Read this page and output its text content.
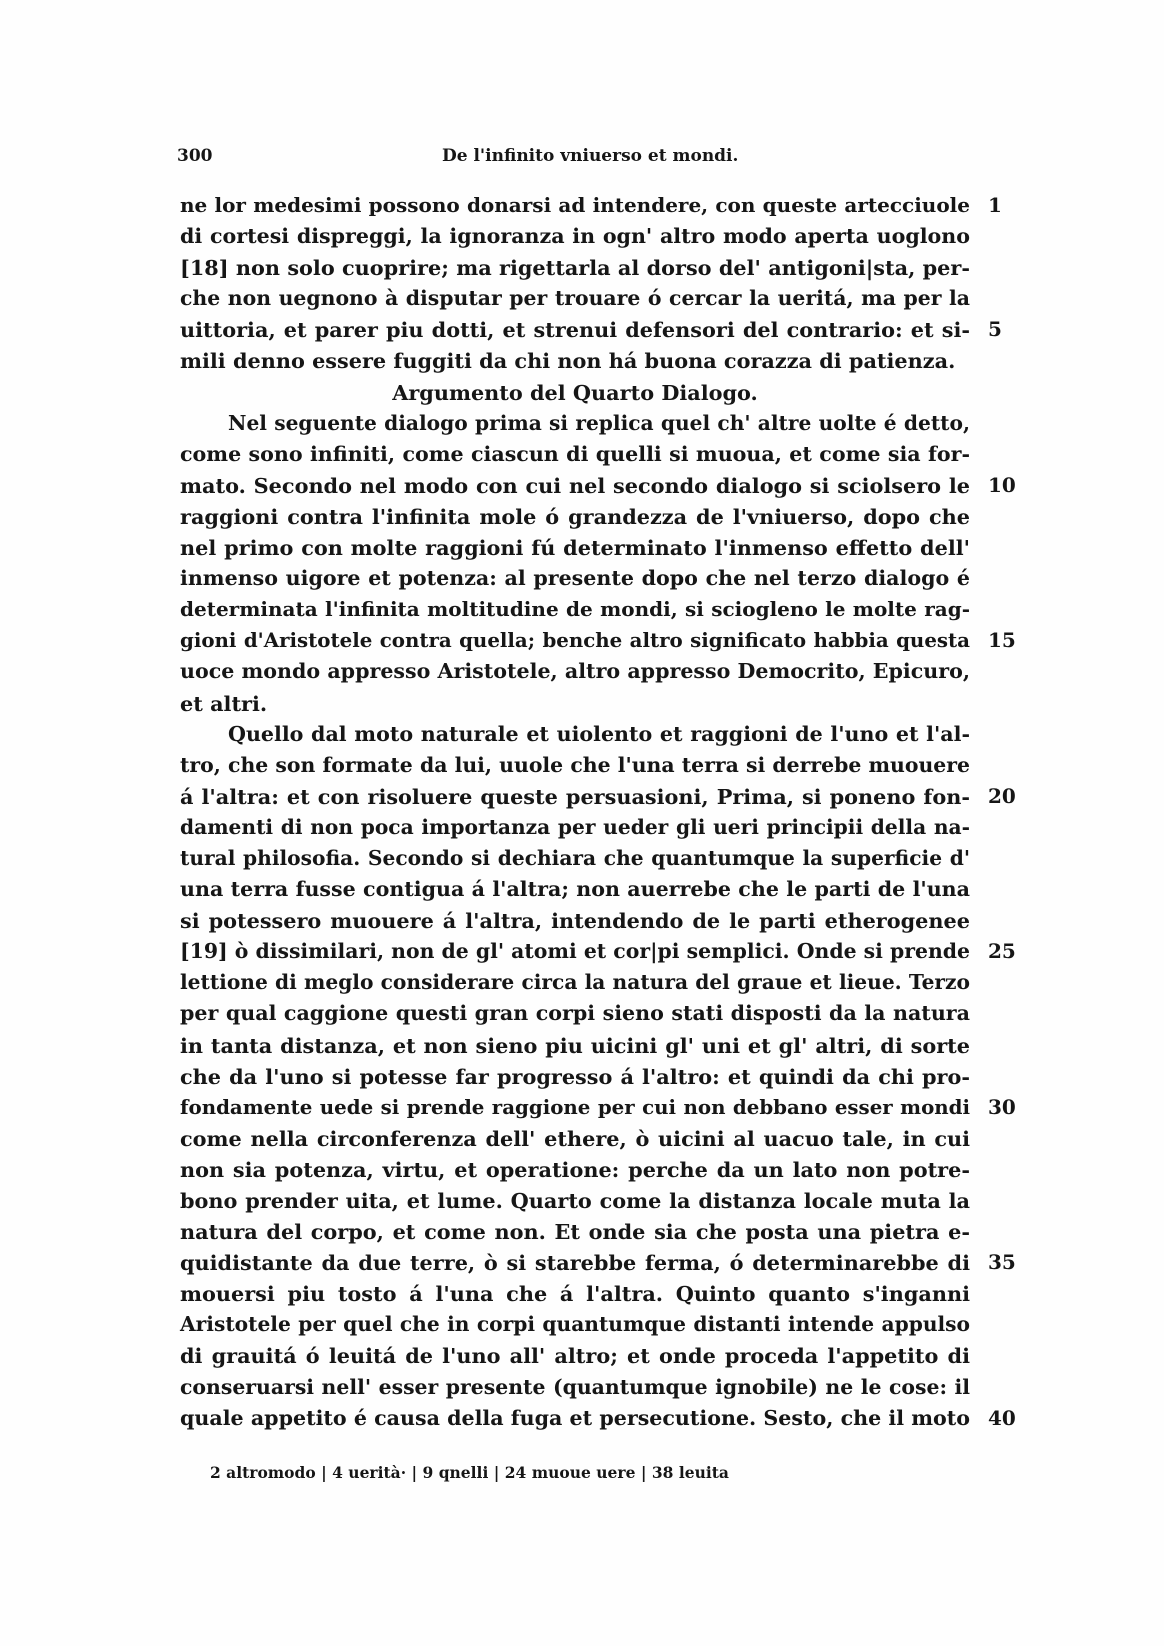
300	De l'infinito vniuerso et mondi.
ne lor medesimi possono donarsi ad intendere, con queste artecciuole 1
di cortesi dispreggi, la ignoranza in ogn' altro modo aperta uoglono
[18] non solo cuoprire; ma rigettarla al dorso del' antigoni|sta, per-
che non uegnono à disputar per trouare ó cercar la ueritá, ma per la
uittoria, et parer piu dotti, et strenui defensori del contrario: et si- 5
mili denno essere fuggiti da chi non há buona corazza di patienza.
Argumento del Quarto Dialogo.
Nel seguente dialogo prima si replica quel ch' altre uolte é detto,
come sono infiniti, come ciascun di quelli si muoua, et come sia for-
mato. Secondo nel modo con cui nel secondo dialogo si sciolsero le 10
raggioni contra l'infinita mole ó grandezza de l'vniuerso, dopo che
nel primo con molte raggioni fú determinato l'inmenso effetto dell'
inmenso uigore et potenza: al presente dopo che nel terzo dialogo é
determinata l'infinita moltitudine de mondi, si sciogleno le molte rag-
gioni d'Aristotele contra quella; benche altro significato habbia questa 15
uoce mondo appresso Aristotele, altro appresso Democrito, Epicuro,
et altri.
Quello dal moto naturale et uiolento et raggioni de l'uno et l'al-
tro, che son formate da lui, uuole che l'una terra si derrebe muouere
á l'altra: et con risoluere queste persuasioni, Prima, si poneno fon- 20
damenti di non poca importanza per ueder gli ueri principii della na-
tural philosofia. Secondo si dechiara che quantumque la superficie d'
una terra fusse contigua á l'altra; non auerrebe che le parti de l'una
si potessero muouere á l'altra, intendendo de le parti etherogenee
[19] ò dissimilari, non de gl' atomi et cor|pi semplici. Onde si prende 25
lettione di meglo considerare circa la natura del graue et lieue. Terzo
per qual caggione questi gran corpi sieno stati disposti da la natura
in tanta distanza, et non sieno piu uicini gl' uni et gl' altri, di sorte
che da l'uno si potesse far progresso á l'altro: et quindi da chi pro-
fondamente uede si prende raggione per cui non debbano esser mondi 30
come nella circonferenza dell' ethere, ò uicini al uacuo tale, in cui
non sia potenza, virtu, et operatione: perche da un lato non potre-
bono prender uita, et lume. Quarto come la distanza locale muta la
natura del corpo, et come non. Et onde sia che posta una pietra e-
quidistante da due terre, ò si starebbe ferma, ó determinarebbe di 35
mouersi piu tosto á l'una che á l'altra. Quinto quanto s'inganni
Aristotele per quel che in corpi quantumque distanti intende appulso
di grauitá ó leuitá de l'uno all' altro; et onde proceda l'appetito di
conseruarsi nell' esser presente (quantumque ignobile) ne le cose: il
quale appetito é causa della fuga et persecutione. Sesto, che il moto 40
2 altromodo | 4 uerità· | 9 qnelli | 24 muoue uere | 38 leuita
